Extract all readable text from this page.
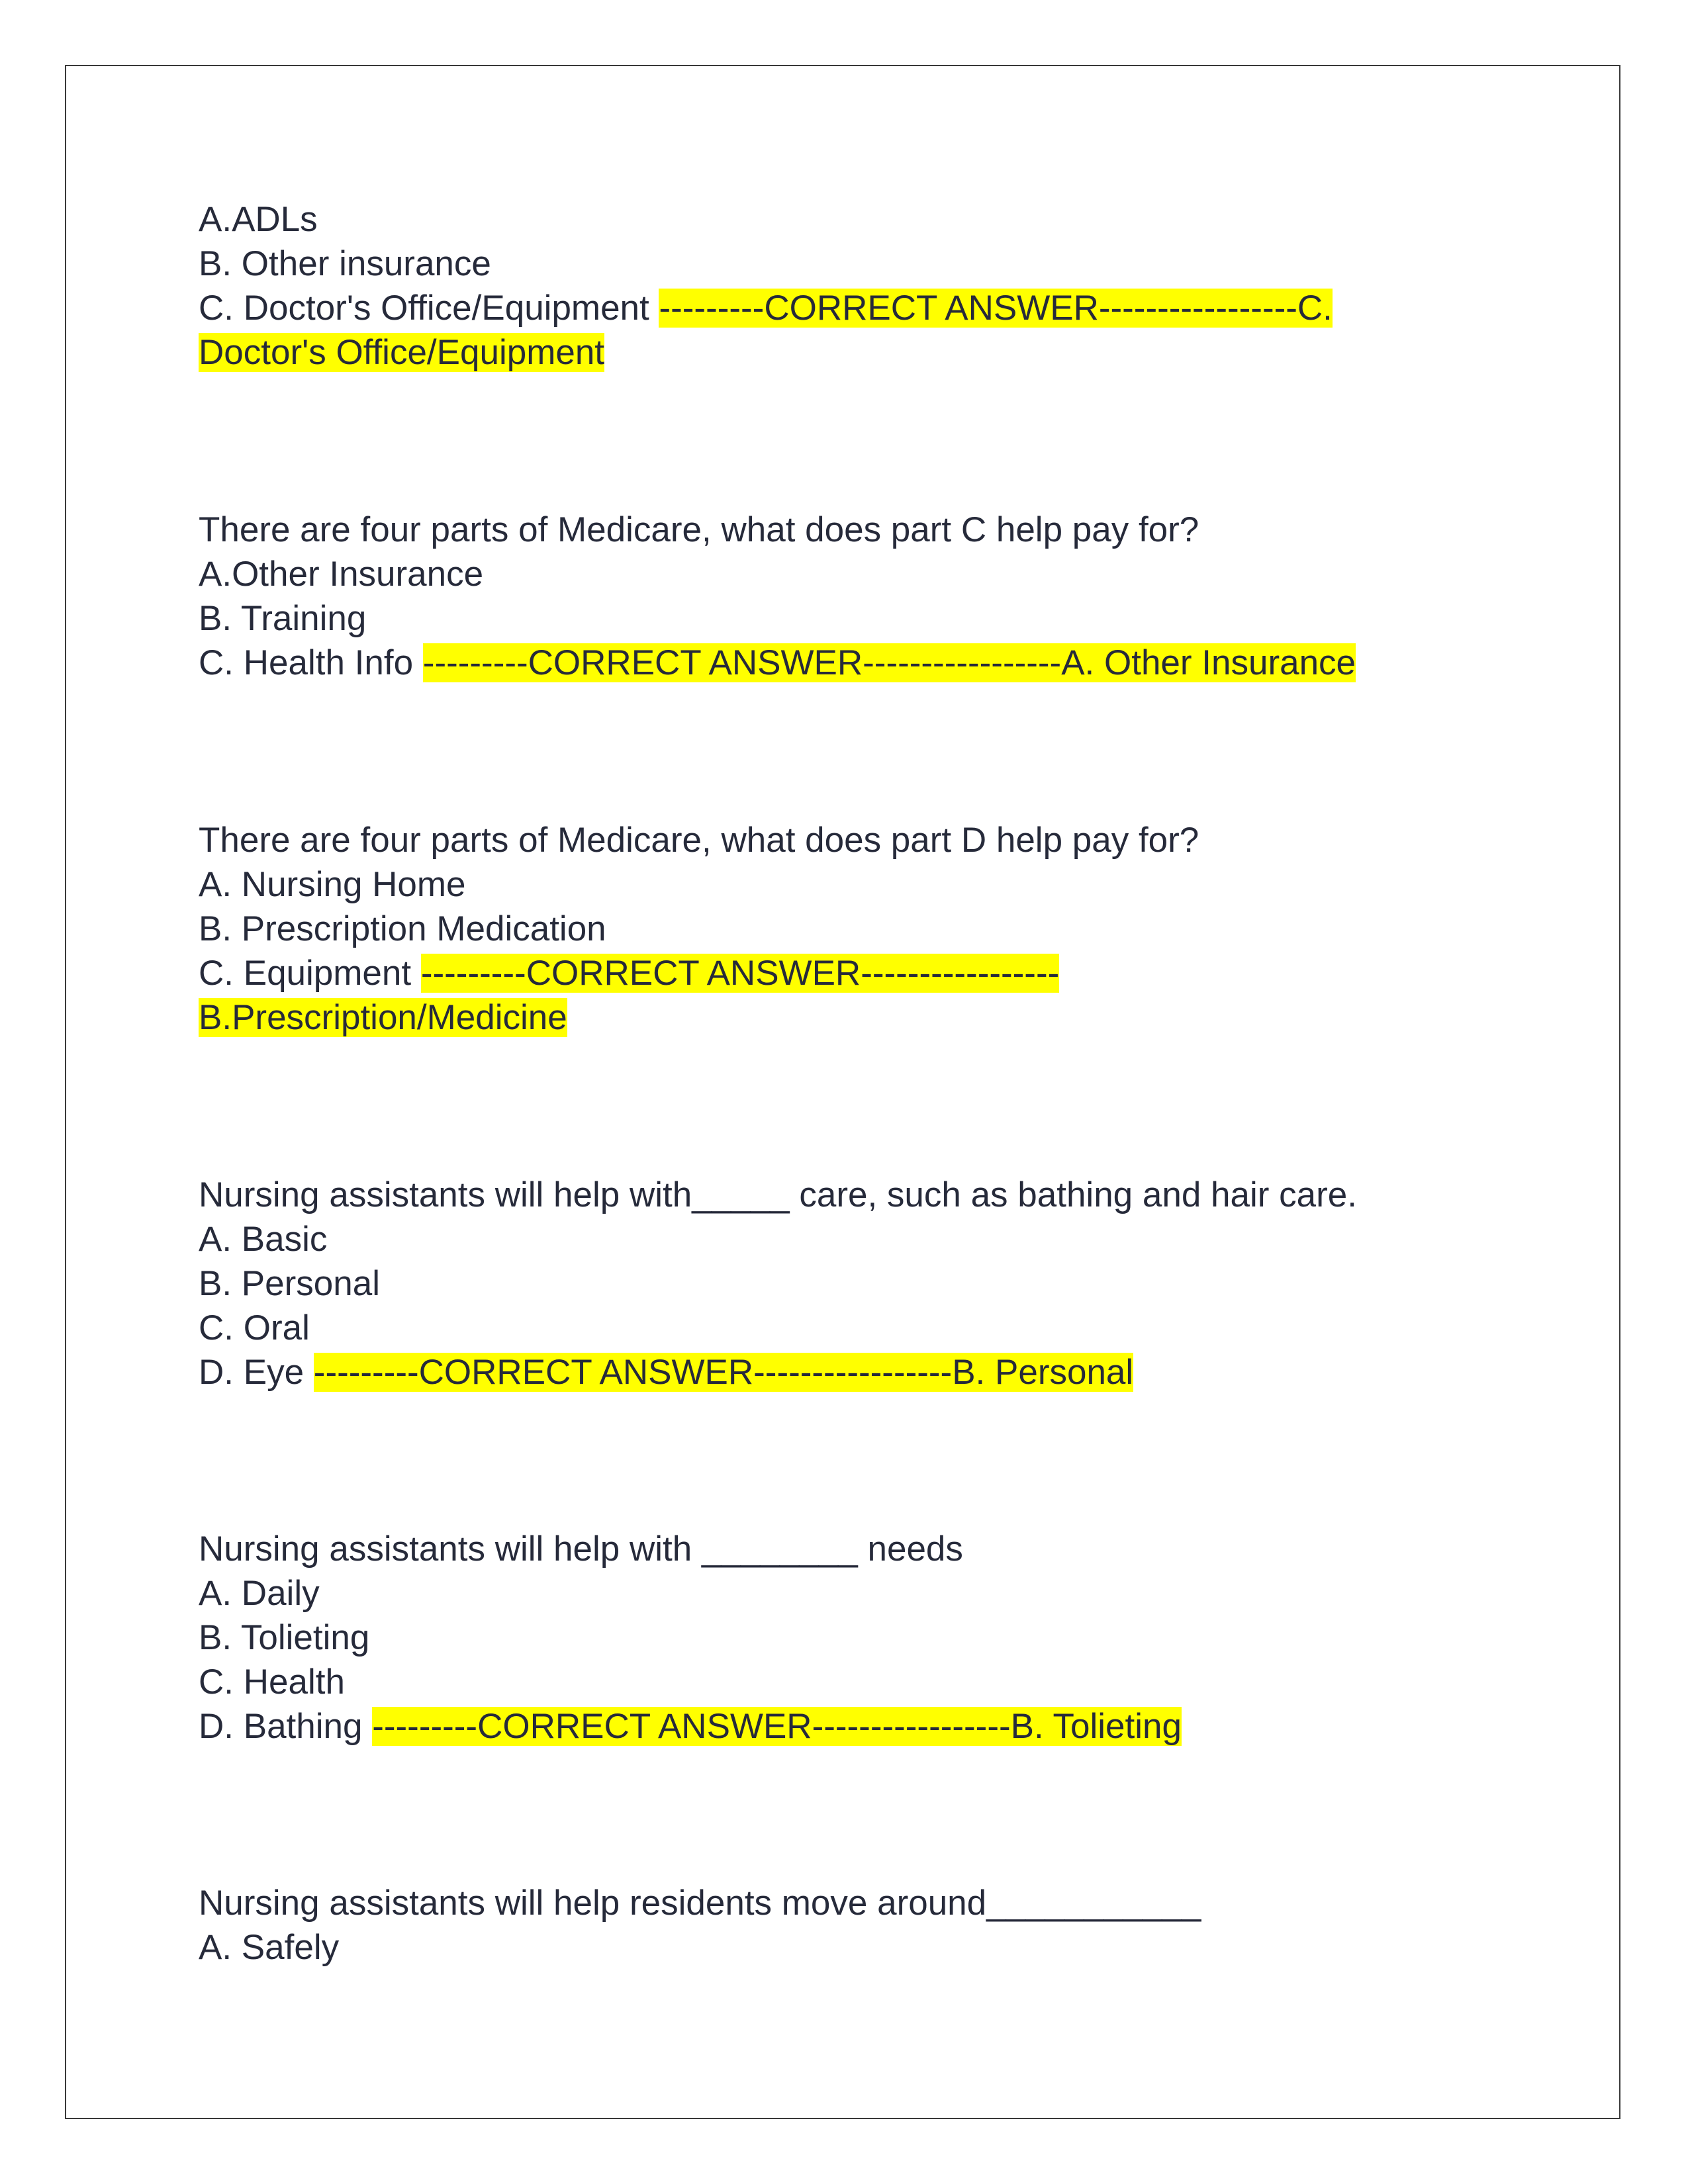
A.ADLs
B. Other insurance
C. Doctor's Office/Equipment ---------CORRECT ANSWER-----------------C.
Doctor's Office/Equipment
There are four parts of Medicare, what does part C help pay for?
A.Other Insurance
B. Training
C. Health Info ---------CORRECT ANSWER-----------------A. Other Insurance
There are four parts of Medicare, what does part D help pay for?
A. Nursing Home
B. Prescription Medication
C. Equipment ---------CORRECT ANSWER-----------------
B.Prescription/Medicine
Nursing assistants will help with_____ care, such as bathing and hair care.
A. Basic
B. Personal
C. Oral
D. Eye ---------CORRECT ANSWER-----------------B. Personal
Nursing assistants will help with ________ needs
A. Daily
B. Tolieting
C. Health
D. Bathing ---------CORRECT ANSWER-----------------B. Tolieting
Nursing assistants will help residents move around___________
A. Safely
